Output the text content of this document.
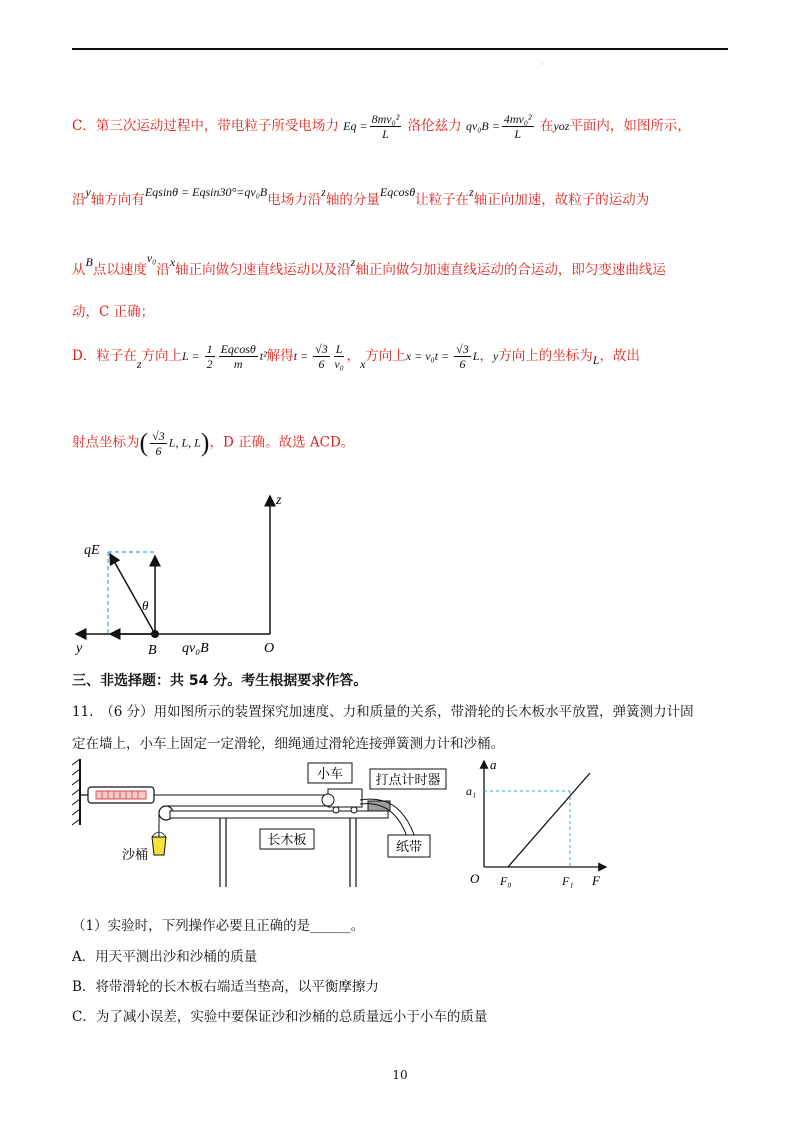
·
C．第三次运动过程中，带电粒子所受电场力 $Eq = \frac{\text{8mv₀²}}{L}$ 洛伦兹力 $qv_0B = \frac{\text{4mv₀²}}{L}$ 在yoz平面内，如图所示，
沿y轴方向有Eqsinθ = Eqsin30°=qv₀B电场力沿z轴的分量Eqcosθ让粒子在z轴正向加速，故粒子的运动为
从B点以速度v₀沿x轴正向做匀速直线运动以及沿z轴正向做匀加速直线运动的合运动，即匀变速曲线运
动，C 正确；
D．粒子在z方向上$L = \frac{1}{2} \frac{Eqcos\theta}{m} t^2$解得$t = \frac{√3}{6} \frac{L}{\text{v₀}}$ ，x方向上$x = v_0t = \frac{√3}{6}$ L，y方向上的坐标为L，故出
射点坐标为( $\frac{√3}{6} L$, L, L)，D 正确。故选 ACD。
z
qE
θ
y	B qv₀B	O
三、非选择题：共 54 分。考生根据要求作答。
11.　（6 分）用如图所示的装置探究加速度、力和质量的关系，带滑轮的长木板水平放置，弹簧测力计固
定在墙上，小车上固定一定滑轮，细绳通过滑轮连接弹簧测力计和沙桶。
小车 打点计时器
长木板
沙桶
纸带
a
a₁
O F₀	F₁ F
（1）实验时，下列操作必要且正确的是______。
A．用天平测出沙和沙桶的质量
B．将带滑轮的长木板右端适当垫高，以平衡摩擦力
C．为了减小误差，实验中要保证沙和沙桶的总质量远小于小车的质量
10
